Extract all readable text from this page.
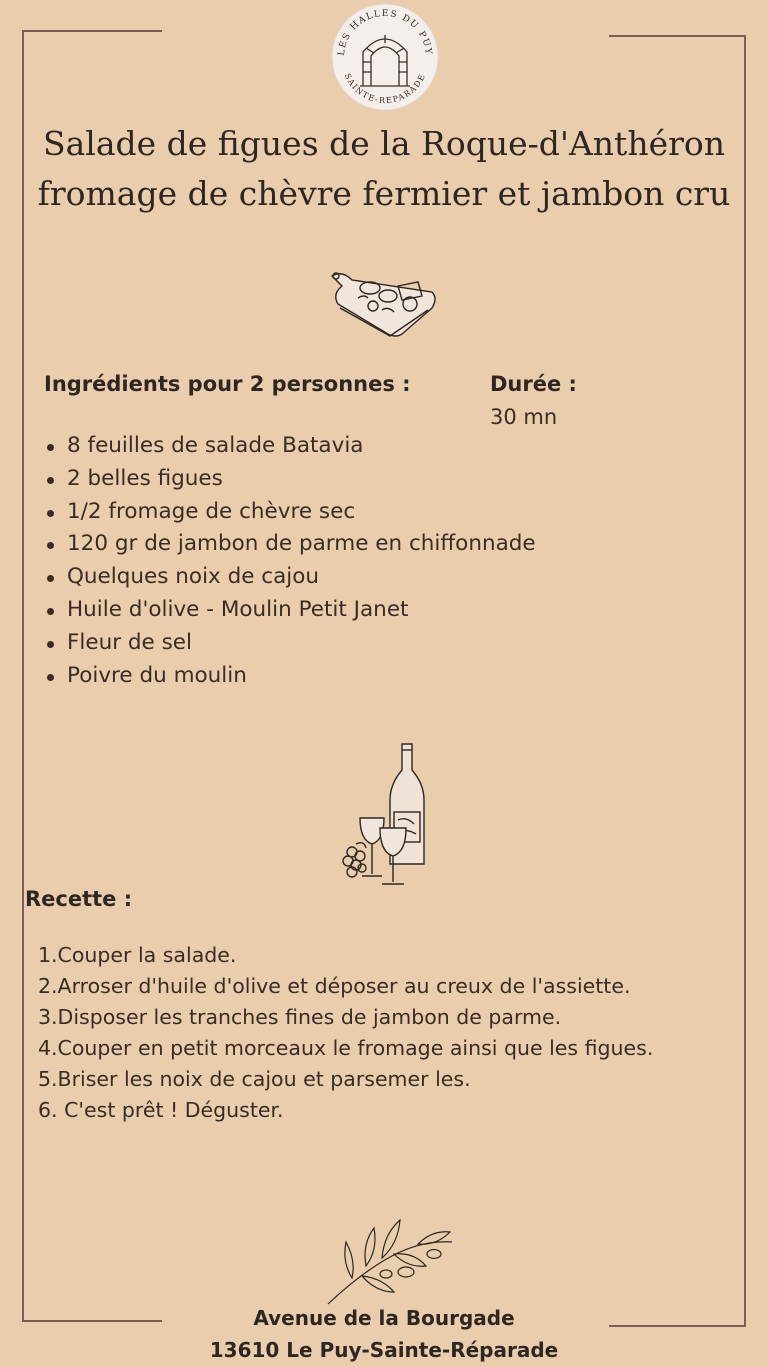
LES HALLES DU PUY
SAINTE-REPARADE
Salade de figues de la Roque-d'Anthéron
fromage de chèvre fermier et jambon cru
Ingrédients pour 2 personnes :	Durée :
30 mn
8 feuilles de salade Batavia
2 belles figues
1/2 fromage de chèvre sec
120 gr de jambon de parme en chiffonnade
Quelques noix de cajou
Huile d'olive - Moulin Petit Janet
Fleur de sel
Poivre du moulin
Recette :
1.Couper la salade.
2.Arroser d'huile d'olive et déposer au creux de l'assiette.
3.Disposer les tranches fines de jambon de parme.
4.Couper en petit morceaux le fromage ainsi que les figues.
5.Briser les noix de cajou et parsemer les.
6. C'est prêt ! Déguster.
Avenue de la Bourgade
13610 Le Puy-Sainte-Réparade
